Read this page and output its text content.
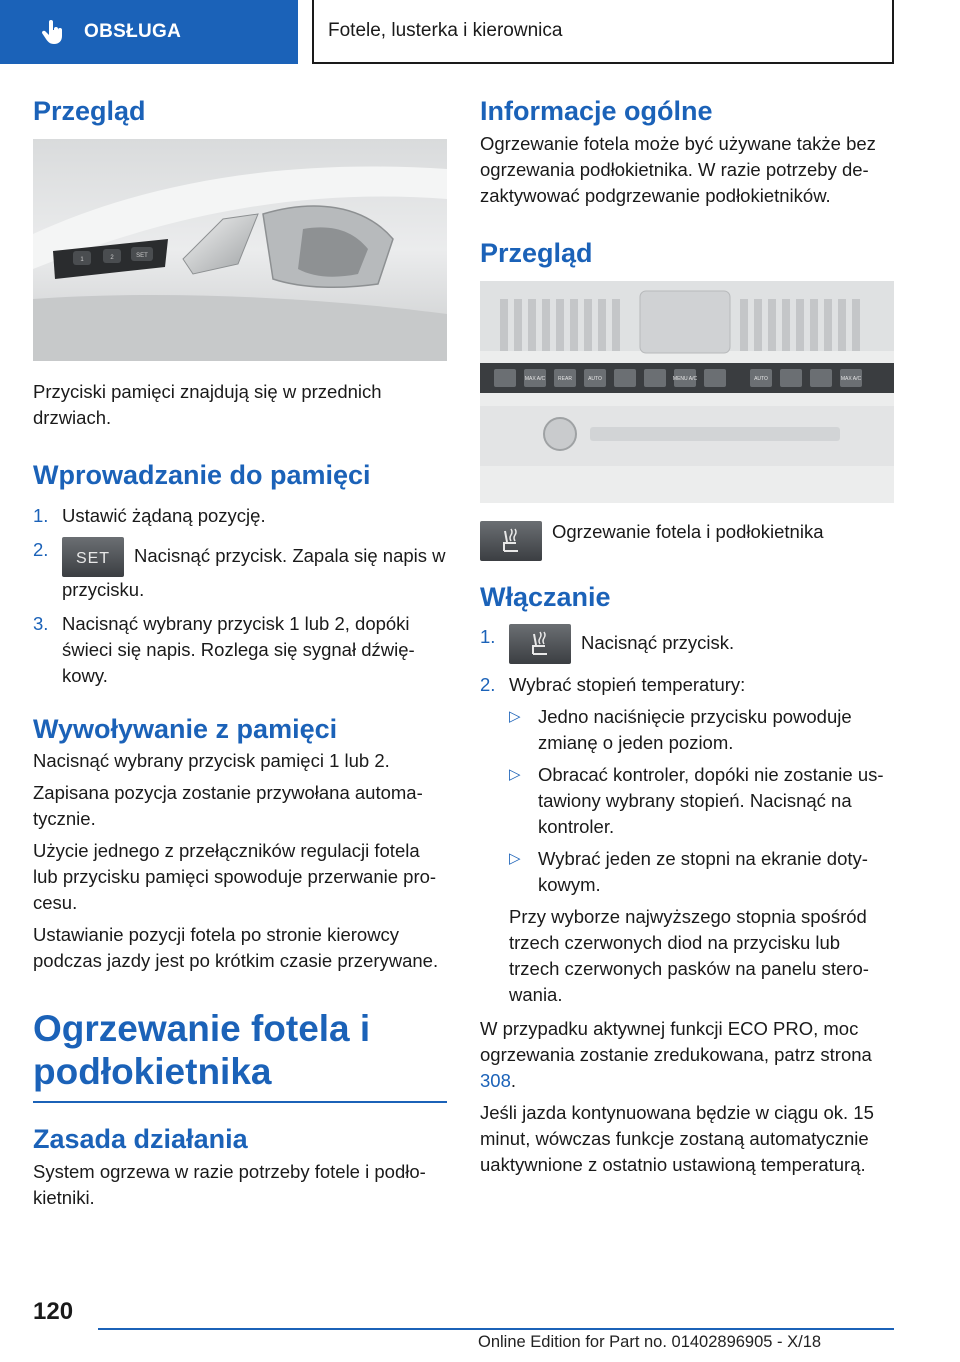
OBSŁUGA	Fotele, lusterka i kierownica
Przegląd
1	2	SET

Przyciski pamięci znajdują się w przednich drzwiach.

Wprowadzanie do pamięci
1. Ustawić żądaną pozycję.
2.	SET	Nacisnąć przycisk. Zapala się napis w przycisku.
3. Nacisnąć wybrany przycisk 1 lub 2, dopóki świeci się napis. Rozlega się sygnał dźwiękowy.
Wywoływanie z pamięci

Nacisnąć wybrany przycisk pamięci 1 lub 2.

Zapisana pozycja zostanie przywołana automatycznie.

Użycie jednego z przełączników regulacji fotela lub przycisku pamięci spowoduje przerwanie procesu.

Ustawianie pozycji fotela po stronie kierowcy podczas jazdy jest po krótkim czasie przerywane.

Ogrzewanie fotela i podłokietnika
Zasada działania

System ogrzewa w razie potrzeby fotele i podłokietniki.

Informacje ogólne

Ogrzewanie fotela może być używane także bez ogrzewania podłokietnika. W razie potrzeby dezaktywować podgrzewanie podłokietników.

Przegląd
MAX A/C	REAR	AUTO	MENU A/C	AUTO	MAX A/C

Ogrzewanie fotela i podłokietnika

Włączanie
1.	Nacisnąć przycisk.
2. Wybrać stopień temperatury:
▷ Jedno naciśnięcie przycisku powoduje zmianę o jeden poziom.
▷ Obracać kontroler, dopóki nie zostanie ustawiony wybrany stopień. Nacisnąć na kontroler.
▷ Wybrać jeden ze stopni na ekranie dotykowym.

Przy wyborze najwyższego stopnia spośród trzech czerwonych diod na przycisku lub trzech czerwonych pasków na panelu sterowania.

W przypadku aktywnej funkcji ECO PRO, moc ogrzewania zostanie zredukowana, patrz strona 308.

Jeśli jazda kontynuowana będzie w ciągu ok. 15 minut, wówczas funkcje zostaną automatycznie uaktywnione z ostatnio ustawioną temperaturą.

120
Online Edition for Part no. 01402896905 - X/18
